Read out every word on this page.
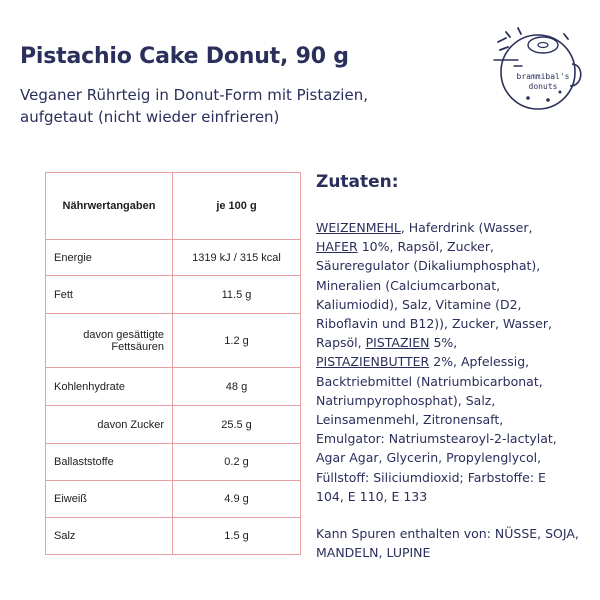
Pistachio Cake Donut, 90 g
Veganer Rührteig in Donut-Form mit Pistazien, aufgetaut (nicht wieder einfrieren)
brammibal's
donuts
Nährwertangaben	je 100 g
Energie	1319 kJ / 315 kcal
Fett	11.5 g
davon gesättigte Fettsäuren	1.2 g
Kohlenhydrate	48 g
davon Zucker	25.5 g
Ballaststoffe	0.2 g
Eiweiß	4.9 g
Salz	1.5 g
Zutaten:
WEIZENMEHL, Haferdrink (Wasser,
HAFER 10%, Rapsöl, Zucker,
Säureregulator (Dikaliumphosphat),
Mineralien (Calciumcarbonat,
Kaliumiodid), Salz, Vitamine (D2,
Riboflavin und B12)), Zucker, Wasser,
Rapsöl, PISTAZIEN 5%,
PISTAZIENBUTTER 2%, Apfelessig,
Backtriebmittel (Natriumbicarbonat,
Natriumpyrophosphat), Salz,
Leinsamenmehl, Zitronensaft,
Emulgator: Natriumstearoyl-2-lactylat,
Agar Agar, Glycerin, Propylenglycol,
Füllstoff: Siliciumdioxid; Farbstoffe: E
104, E 110, E 133
Kann Spuren enthalten von: NÜSSE, SOJA, MANDELN, LUPINE
